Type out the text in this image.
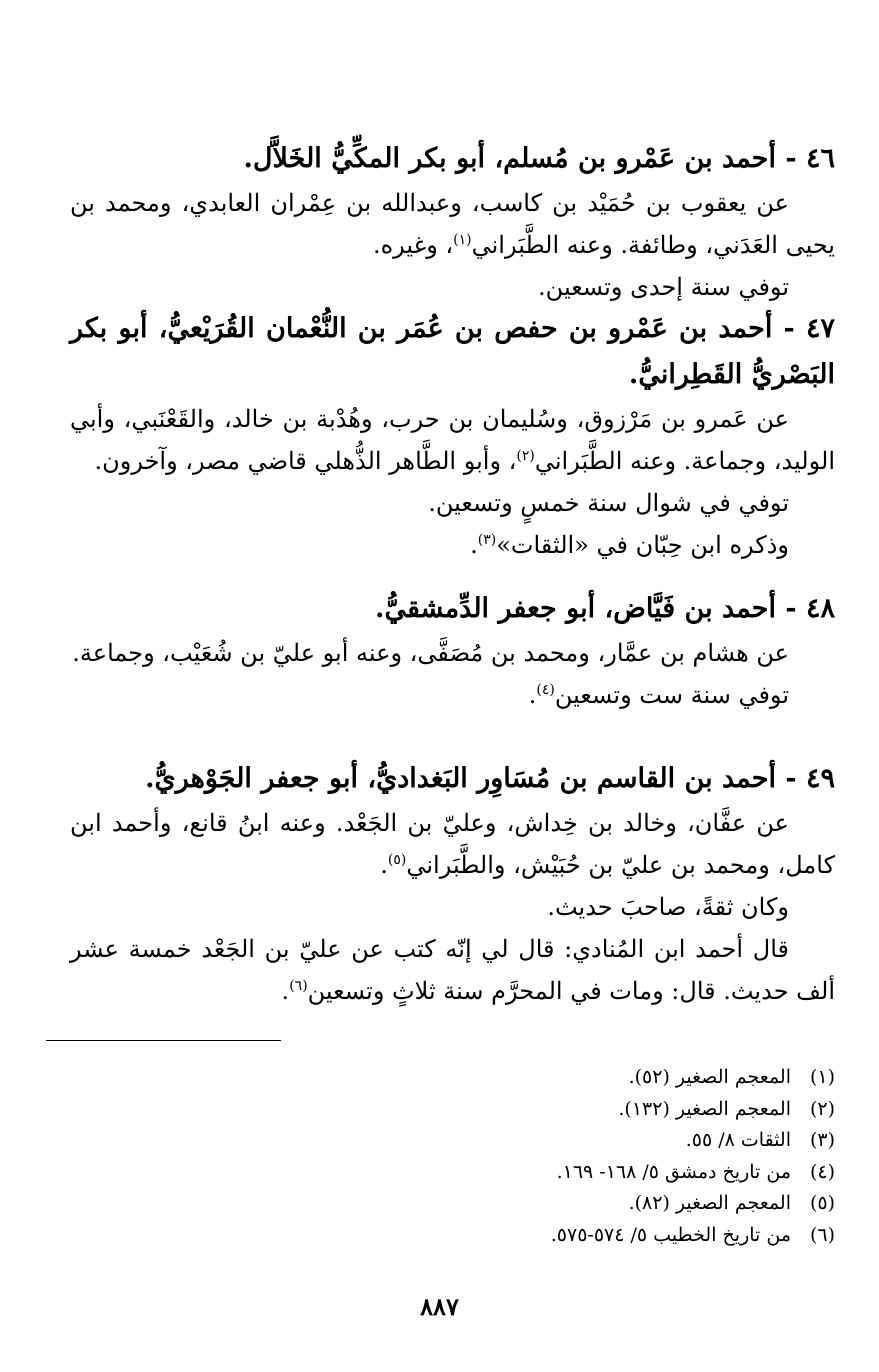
٤٦ - أحمد بن عَمْرو بن مُسلم، أبو بكر المكِّيُّ الخَلاَّل.

عن يعقوب بن حُمَيْد بن كاسب، وعبدالله بن عِمْران العابدي، ومحمد بن يحيى العَدَني، وطائفة. وعنه الطَّبَراني$^{(١)}$، وغيره.

توفي سنة إحدى وتسعين.

٤٧ - أحمد بن عَمْرو بن حفص بن عُمَر بن النُّعْمان القُرَيْعيُّ، أبو بكر البَصْريُّ القَطِرانيُّ.

عن عَمرو بن مَرْزوق، وسُليمان بن حرب، وهُدْبة بن خالد، والقَعْنَبي، وأبي الوليد، وجماعة. وعنه الطَّبَراني$^{(٢)}$، وأبو الطَّاهر الذُّهلي قاضي مصر، وآخرون.

توفي في شوال سنة خمسٍ وتسعين.

وذكره ابن حِبّان في «الثقات»$^{(٣)}$.

٤٨ - أحمد بن فَيَّاض، أبو جعفر الدِّمشقيُّ.

عن هشام بن عمَّار، ومحمد بن مُصَفَّى، وعنه أبو عليّ بن شُعَيْب، وجماعة.

توفي سنة ست وتسعين$^{(٤)}$.

٤٩ - أحمد بن القاسم بن مُسَاوِر البَغداديُّ، أبو جعفر الجَوْهريُّ.

عن عفَّان، وخالد بن خِداش، وعليّ بن الجَعْد. وعنه ابنُ قانع، وأحمد ابن كامل، ومحمد بن عليّ بن حُبَيْش، والطَّبَراني$^{(٥)}$.

وكان ثقةً، صاحبَ حديث.

قال أحمد ابن المُنادي: قال لي إنّه كتب عن عليّ بن الجَعْد خمسة عشر ألف حديث. قال: ومات في المحرَّم سنة ثلاثٍ وتسعين$^{(٦)}$.

(١)
المعجم الصغير (٥٢).
(٢)
المعجم الصغير (١٣٢).
(٣)
الثقات ٨/ ٥٥.
(٤)
من تاريخ دمشق ٥/ ١٦٨- ١٦٩.
(٥)
المعجم الصغير (٨٢).
(٦)
من تاريخ الخطيب ٥/ ٥٧٤-٥٧٥.
٨٨٧
